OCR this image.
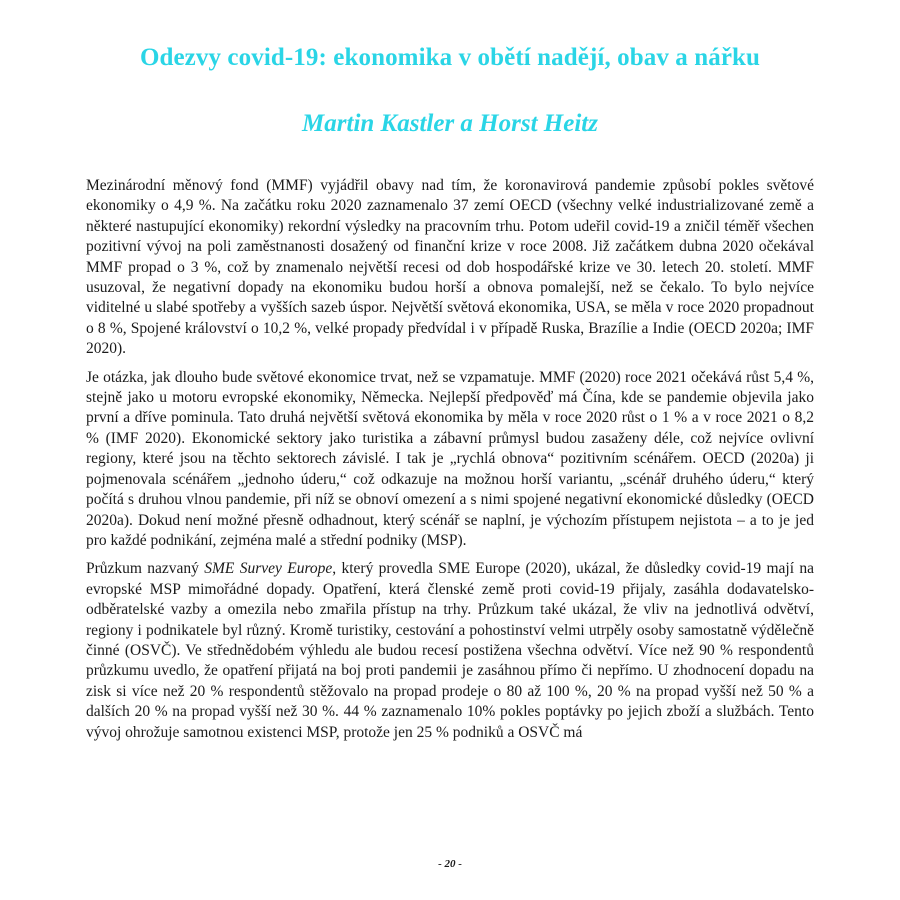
Odezvy covid-19: ekonomika v obětí nadějí, obav a nářku
Martin Kastler a Horst Heitz

Mezinárodní měnový fond (MMF) vyjádřil obavy nad tím, že koronavirová pandemie způsobí pokles světové ekonomiky o 4,9 %. Na začátku roku 2020 zaznamenalo 37 zemí OECD (všechny velké industrializované země a některé nastupující ekonomiky) rekordní výsledky na pracovním trhu. Potom udeřil covid-19 a zničil téměř všechen pozitivní vývoj na poli zaměstnanosti dosažený od finanční krize v roce 2008. Již začátkem dubna 2020 očekával MMF propad o 3 %, což by znamenalo největší recesi od dob hospodářské krize ve 30. letech 20. století. MMF usuzoval, že negativní dopady na ekonomiku budou horší a obnova pomalejší, než se čekalo. To bylo nejvíce viditelné u slabé spotřeby a vyšších sazeb úspor. Největší světová ekonomika, USA, se měla v roce 2020 propadnout o 8 %, Spojené království o 10,2 %, velké propady předvídal i v případě Ruska, Brazílie a Indie (OECD 2020a; IMF 2020).

Je otázka, jak dlouho bude světové ekonomice trvat, než se vzpamatuje. MMF (2020) roce 2021 očekává růst 5,4 %, stejně jako u motoru evropské ekonomiky, Německa. Nejlepší předpověď má Čína, kde se pandemie objevila jako první a dříve pominula. Tato druhá největší světová ekonomika by měla v roce 2020 růst o 1 % a v roce 2021 o 8,2 % (IMF 2020). Ekonomické sektory jako turistika a zábavní průmysl budou zasaženy déle, což nejvíce ovlivní regiony, které jsou na těchto sektorech závislé. I tak je „rychlá obnova“ pozitivním scénářem. OECD (2020a) ji pojmenovala scénářem „jednoho úderu,“ což odkazuje na možnou horší variantu, „scénář druhého úderu,“ který počítá s druhou vlnou pandemie, při níž se obnoví omezení a s nimi spojené negativní ekonomické důsledky (OECD 2020a). Dokud není možné přesně odhadnout, který scénář se naplní, je výchozím přístupem nejistota – a to je jed pro každé podnikání, zejména malé a střední podniky (MSP).

Průzkum nazvaný SME Survey Europe, který provedla SME Europe (2020), ukázal, že důsledky covid-19 mají na evropské MSP mimořádné dopady. Opatření, která členské země proti covid-19 přijaly, zasáhla dodavatelsko-odběratelské vazby a omezila nebo zmařila přístup na trhy. Průzkum také ukázal, že vliv na jednotlivá odvětví, regiony i podnikatele byl různý. Kromě turistiky, cestování a pohostinství velmi utrpěly osoby samostatně výdělečně činné (OSVČ). Ve střednědobém výhledu ale budou recesí postižena všechna odvětví. Více než 90 % respondentů průzkumu uvedlo, že opatření přijatá na boj proti pandemii je zasáhnou přímo či nepřímo. U zhodnocení dopadu na zisk si více než 20 % respondentů stěžovalo na propad prodeje o 80 až 100 %, 20 % na propad vyšší než 50 % a dalších 20 % na propad vyšší než 30 %. 44 % zaznamenalo 10% pokles poptávky po jejich zboží a službách. Tento vývoj ohrožuje samotnou existenci MSP, protože jen 25 % podniků a OSVČ má

- 20 -
